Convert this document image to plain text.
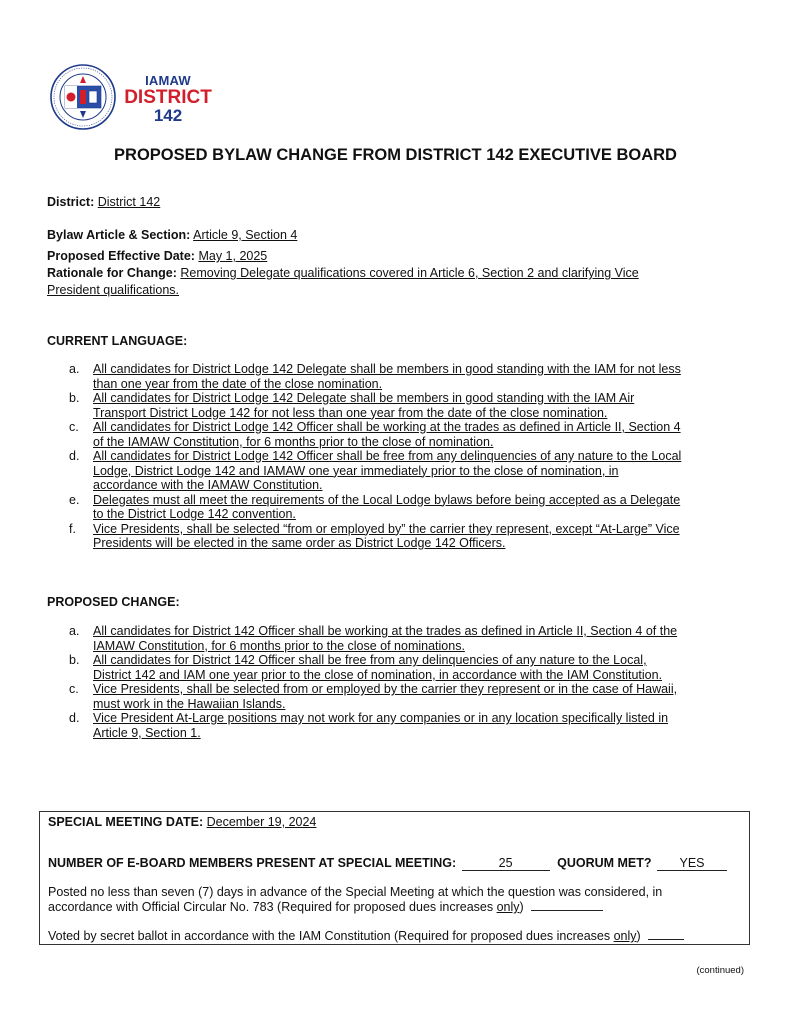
IAMAW
DISTRICT
142
PROPOSED BYLAW CHANGE FROM DISTRICT 142 EXECUTIVE BOARD
District: District 142
Bylaw Article & Section: Article 9, Section 4
Proposed Effective Date: May 1, 2025
Rationale for Change: Removing Delegate qualifications covered in Article 6, Section 2 and clarifying Vice
President qualifications.
CURRENT LANGUAGE:
a. All candidates for District Lodge 142 Delegate shall be members in good standing with the IAM for not less
than one year from the date of the close nomination.
b. All candidates for District Lodge 142 Delegate shall be members in good standing with the IAM Air
Transport District Lodge 142 for not less than one year from the date of the close nomination.
c. All candidates for District Lodge 142 Officer shall be working at the trades as defined in Article II, Section 4
of the IAMAW Constitution, for 6 months prior to the close of nomination.
d. All candidates for District Lodge 142 Officer shall be free from any delinquencies of any nature to the Local
Lodge, District Lodge 142 and IAMAW one year immediately prior to the close of nomination, in
accordance with the IAMAW Constitution.
e. Delegates must all meet the requirements of the Local Lodge bylaws before being accepted as a Delegate
to the District Lodge 142 convention.
f. Vice Presidents, shall be selected “from or employed by” the carrier they represent, except “At-Large” Vice
Presidents will be elected in the same order as District Lodge 142 Officers.
PROPOSED CHANGE:
a. All candidates for District 142 Officer shall be working at the trades as defined in Article II, Section 4 of the
IAMAW Constitution, for 6 months prior to the close of nominations.
b. All candidates for District 142 Officer shall be free from any delinquencies of any nature to the Local,
District 142 and IAM one year prior to the close of nomination, in accordance with the IAM Constitution.
c. Vice Presidents, shall be selected from or employed by the carrier they represent or in the case of Hawaii,
must work in the Hawaiian Islands.
d. Vice President At-Large positions may not work for any companies or in any location specifically listed in
Article 9, Section 1.
SPECIAL MEETING DATE: December 19, 2024
NUMBER OF E-BOARD MEMBERS PRESENT AT SPECIAL MEETING:	25	QUORUM MET? YES
Posted no less than seven (7) days in advance of the Special Meeting at which the question was considered, in
accordance with Official Circular No. 783 (Required for proposed dues increases only)
Voted by secret ballot in accordance with the IAM Constitution (Required for proposed dues increases only)
(continued)
